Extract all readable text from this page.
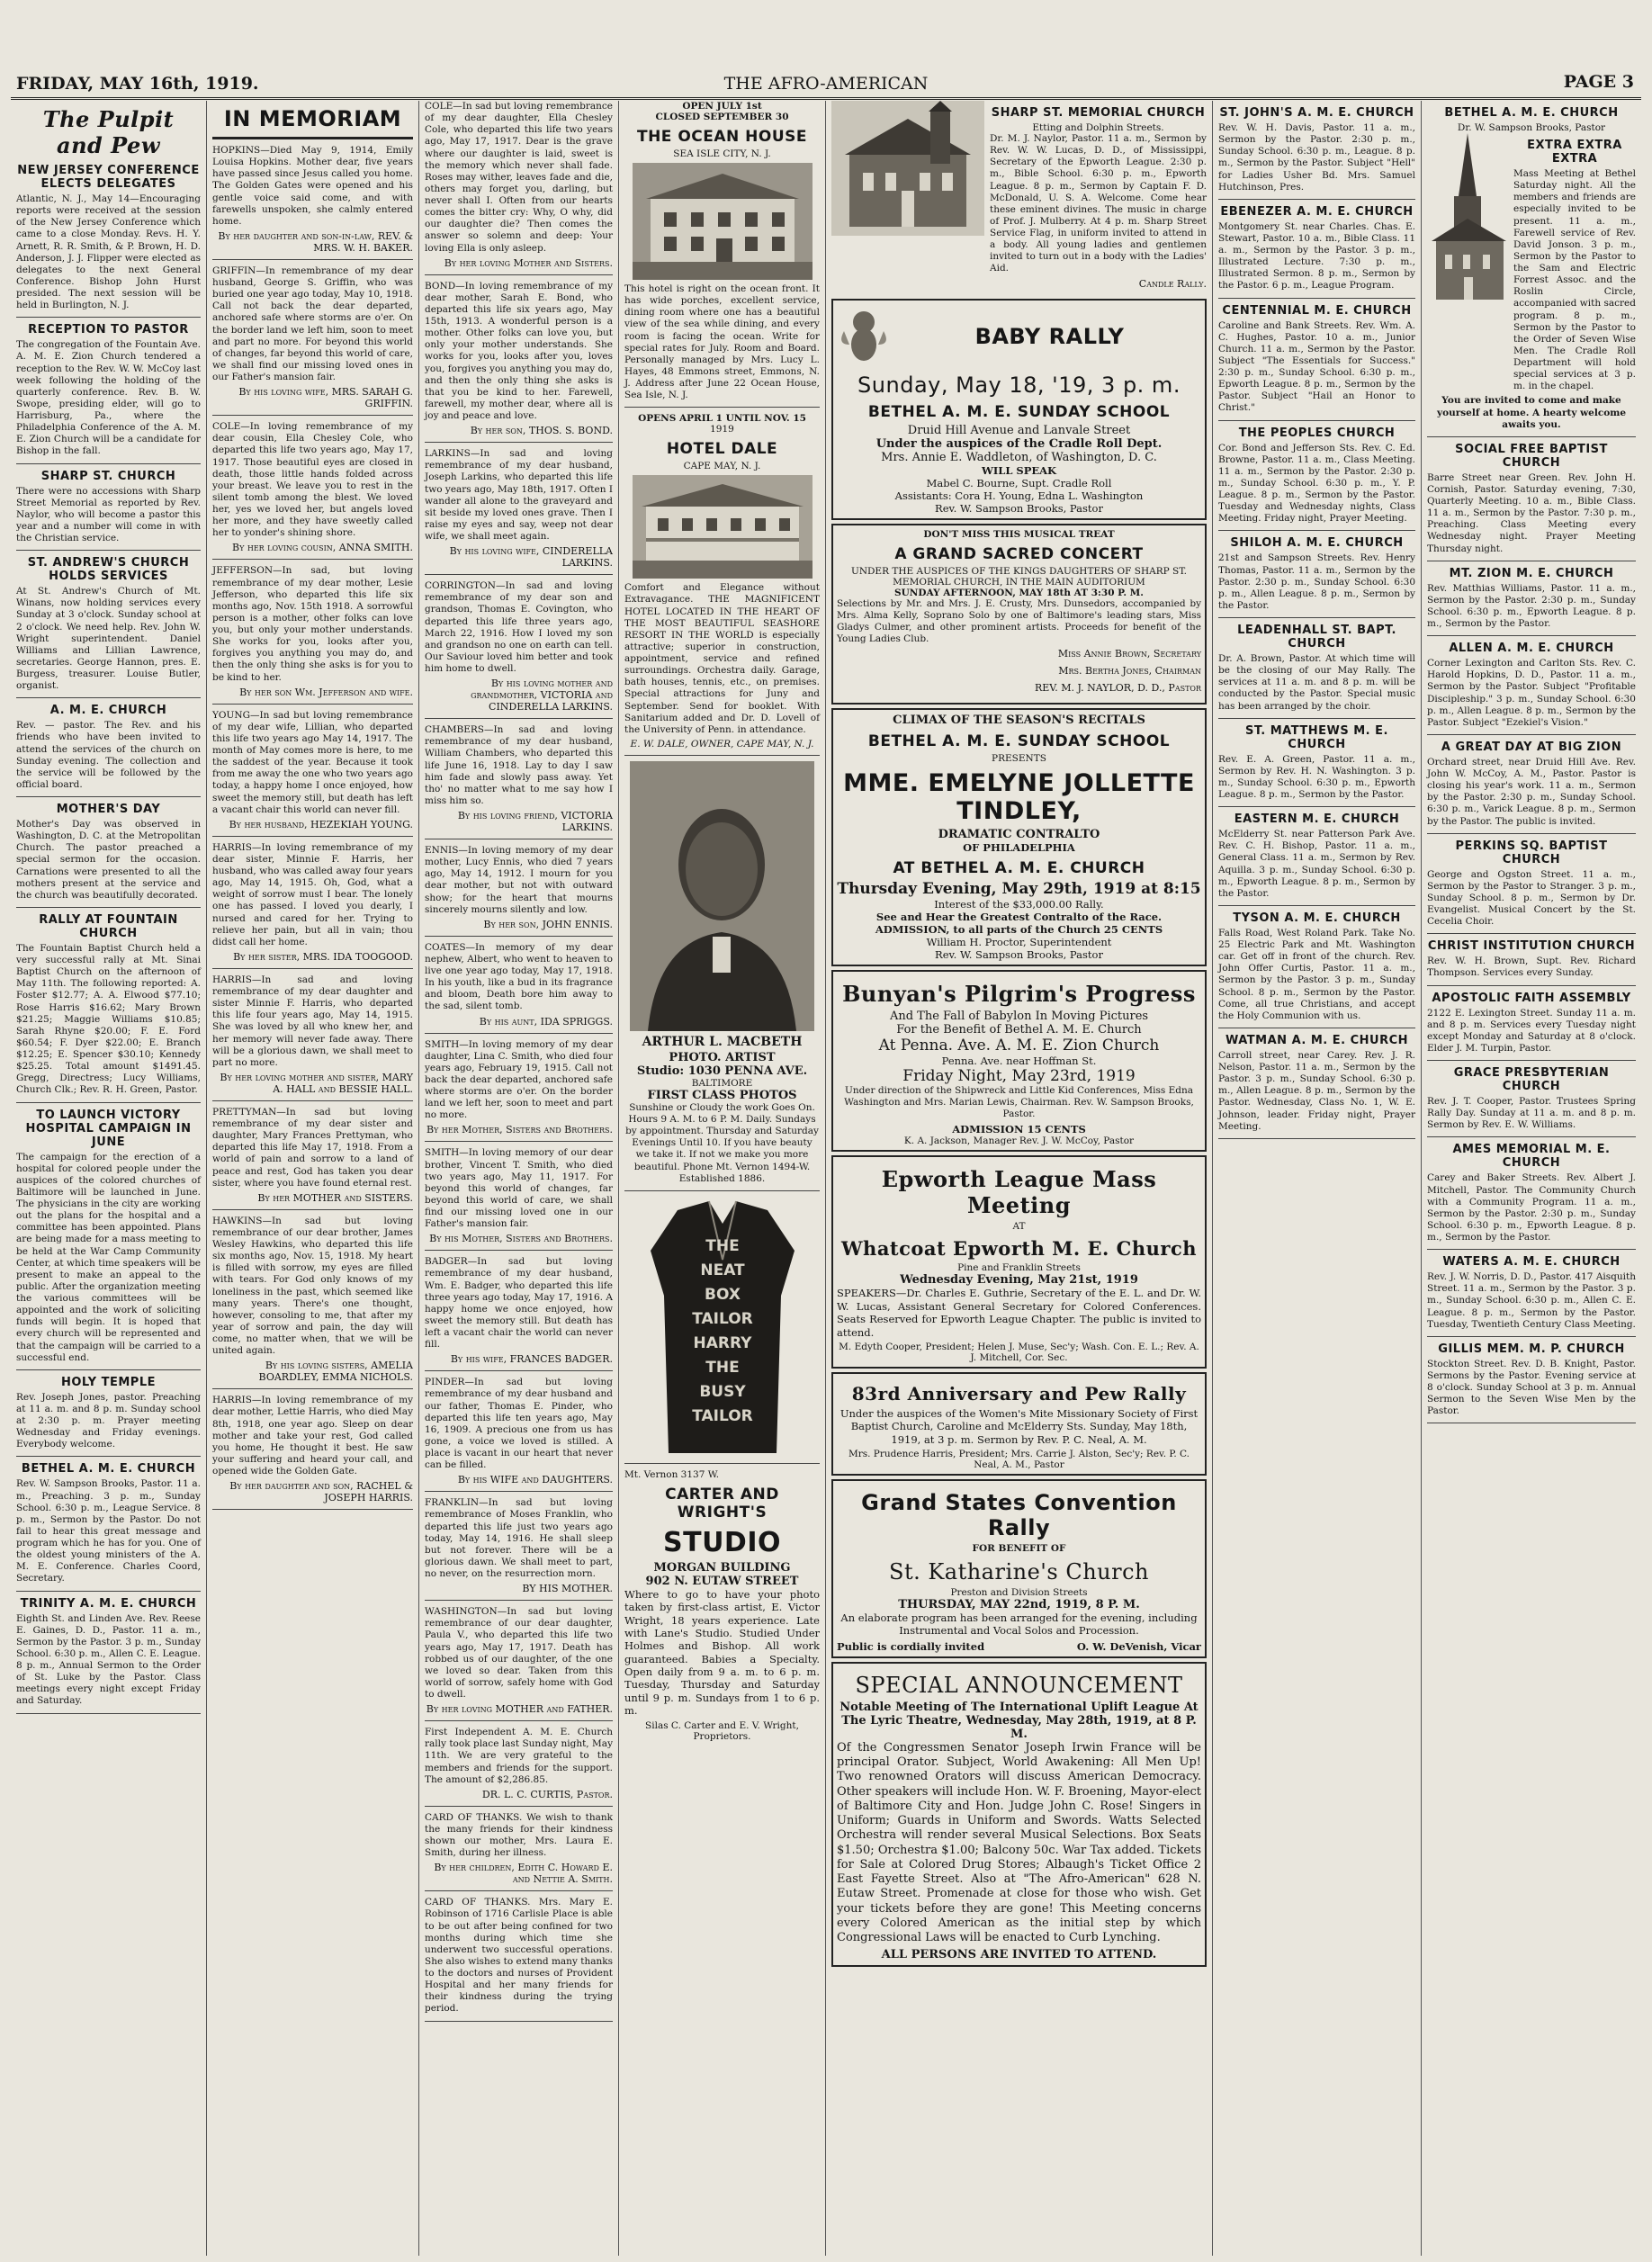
FRIDAY, MAY 16th, 1919.	THE AFRO-AMERICAN	PAGE 3
The Pulpit and Pew
NEW JERSEY CONFERENCE ELECTS DELEGATES

Atlantic, N. J., May 14—Encouraging reports were received at the session of the New Jersey Conference which came to a close Monday. Revs. H. Y. Arnett, R. R. Smith, & P. Brown, H. D. Anderson, J. J. Flipper were elected as delegates to the next General Conference. Bishop John Hurst presided. The next session will be held in Burlington, N. J.

RECEPTION TO PASTOR

The congregation of the Fountain Ave. A. M. E. Zion Church tendered a reception to the Rev. W. W. McCoy last week following the holding of the quarterly conference. Rev. B. W. Swope, presiding elder, will go to Harrisburg, Pa., where the Philadelphia Conference of the A. M. E. Zion Church will be a candidate for Bishop in the fall.

SHARP ST. CHURCH

There were no accessions with Sharp Street Memorial as reported by Rev. Naylor, who will become a pastor this year and a number will come in with the Christian service.

ST. ANDREW'S CHURCH HOLDS SERVICES

At St. Andrew's Church of Mt. Winans, now holding services every Sunday at 3 o'clock. Sunday school at 2 o'clock. We need help. Rev. John W. Wright superintendent. Daniel Williams and Lillian Lawrence, secretaries. George Hannon, pres. E. Burgess, treasurer. Louise Butler, organist.

A. M. E. CHURCH

Rev. — pastor. The Rev. and his friends who have been invited to attend the services of the church on Sunday evening. The collection and the service will be followed by the official board.

MOTHER'S DAY

Mother's Day was observed in Washington, D. C. at the Metropolitan Church. The pastor preached a special sermon for the occasion. Carnations were presented to all the mothers present at the service and the church was beautifully decorated.

RALLY AT FOUNTAIN CHURCH

The Fountain Baptist Church held a very successful rally at Mt. Sinai Baptist Church on the afternoon of May 11th. The following reported: A. Foster $12.77; A. A. Elwood $77.10; Rose Harris $16.62; Mary Brown $21.25; Maggie Williams $10.85; Sarah Rhyne $20.00; F. E. Ford $60.54; F. Dyer $22.00; E. Branch $12.25; E. Spencer $30.10; Kennedy $25.25. Total amount $1491.45. Gregg, Directress; Lucy Williams, Church Clk.; Rev. R. H. Green, Pastor.

TO LAUNCH VICTORY HOSPITAL CAMPAIGN IN JUNE

The campaign for the erection of a hospital for colored people under the auspices of the colored churches of Baltimore will be launched in June. The physicians in the city are working out the plans for the hospital and a committee has been appointed. Plans are being made for a mass meeting to be held at the War Camp Community Center, at which time speakers will be present to make an appeal to the public. After the organization meeting the various committees will be appointed and the work of soliciting funds will begin. It is hoped that every church will be represented and that the campaign will be carried to a successful end.

HOLY TEMPLE

Rev. Joseph Jones, pastor. Preaching at 11 a. m. and 8 p. m. Sunday school at 2:30 p. m. Prayer meeting Wednesday and Friday evenings. Everybody welcome.

BETHEL A. M. E. CHURCH

Rev. W. Sampson Brooks, Pastor. 11 a. m., Preaching. 3 p. m., Sunday School. 6:30 p. m., League Service. 8 p. m., Sermon by the Pastor. Do not fail to hear this great message and program which he has for you. One of the oldest young ministers of the A. M. E. Conference. Charles Coord, Secretary.

TRINITY A. M. E. CHURCH

Eighth St. and Linden Ave. Rev. Reese E. Gaines, D. D., Pastor. 11 a. m., Sermon by the Pastor. 3 p. m., Sunday School. 6:30 p. m., Allen C. E. League. 8 p. m., Annual Sermon to the Order of St. Luke by the Pastor. Class meetings every night except Friday and Saturday.

IN MEMORIAM

HOPKINS—Died May 9, 1914, Emily Louisa Hopkins. Mother dear, five years have passed since Jesus called you home. The Golden Gates were opened and his gentle voice said come, and with farewells unspoken, she calmly entered home.

By her daughter and son-in-law, REV. & MRS. W. H. BAKER.

GRIFFIN—In remembrance of my dear husband, George S. Griffin, who was buried one year ago today, May 10, 1918. Call not back the dear departed, anchored safe where storms are o'er. On the border land we left him, soon to meet and part no more. For beyond this world of changes, far beyond this world of care, we shall find our missing loved ones in our Father's mansion fair.

By his loving wife, MRS. SARAH G. GRIFFIN.

COLE—In loving remembrance of my dear cousin, Ella Chesley Cole, who departed this life two years ago, May 17, 1917. Those beautiful eyes are closed in death, those little hands folded across your breast. We leave you to rest in the silent tomb among the blest. We loved her, yes we loved her, but angels loved her more, and they have sweetly called her to yonder's shining shore.

By her loving cousin, ANNA SMITH.

JEFFERSON—In sad, but loving remembrance of my dear mother, Lesie Jefferson, who departed this life six months ago, Nov. 15th 1918. A sorrowful person is a mother, other folks can love you, but only your mother understands. She works for you, looks after you, forgives you anything you may do, and then the only thing she asks is for you to be kind to her.

By her son Wm. Jefferson and wife.

YOUNG—In sad but loving remembrance of my dear wife, Lillian, who departed this life two years ago May 14, 1917. The month of May comes more is here, to me the saddest of the year. Because it took from me away the one who two years ago today, a happy home I once enjoyed, how sweet the memory still, but death has left a vacant chair this world can never fill.

By her husband, HEZEKIAH YOUNG.

HARRIS—In loving remembrance of my dear sister, Minnie F. Harris, her husband, who was called away four years ago, May 14, 1915. Oh, God, what a weight of sorrow must I bear. The lonely one has passed. I loved you dearly, I nursed and cared for her. Trying to relieve her pain, but all in vain; thou didst call her home.

By her sister, MRS. IDA TOOGOOD.

HARRIS—In sad and loving remembrance of my dear daughter and sister Minnie F. Harris, who departed this life four years ago, May 14, 1915. She was loved by all who knew her, and her memory will never fade away. There will be a glorious dawn, we shall meet to part no more.

By her loving mother and sister, MARY A. HALL and BESSIE HALL.

PRETTYMAN—In sad but loving remembrance of my dear sister and daughter, Mary Frances Prettyman, who departed this life May 17, 1918. From a world of pain and sorrow to a land of peace and rest, God has taken you dear sister, where you have found eternal rest.

By her MOTHER and SISTERS.

HAWKINS—In sad but loving remembrance of our dear brother, James Wesley Hawkins, who departed this life six months ago, Nov. 15, 1918. My heart is filled with sorrow, my eyes are filled with tears. For God only knows of my loneliness in the past, which seemed like many years. There's one thought, however, consoling to me, that after my year of sorrow and pain, the day will come, no matter when, that we will be united again.

By his loving sisters, AMELIA BOARDLEY, EMMA NICHOLS.

HARRIS—In loving remembrance of my dear mother, Lettie Harris, who died May 8th, 1918, one year ago. Sleep on dear mother and take your rest, God called you home, He thought it best. He saw your suffering and heard your call, and opened wide the Golden Gate.

By her daughter and son, RACHEL & JOSEPH HARRIS.

COLE—In sad but loving remembrance of my dear daughter, Ella Chesley Cole, who departed this life two years ago, May 17, 1917. Dear is the grave where our daughter is laid, sweet is the memory which never shall fade. Roses may wither, leaves fade and die, others may forget you, darling, but never shall I. Often from our hearts comes the bitter cry: Why, O why, did our daughter die? Then comes the answer so solemn and deep: Your loving Ella is only asleep.

By her loving Mother and Sisters.

BOND—In loving remembrance of my dear mother, Sarah E. Bond, who departed this life six years ago, May 15th, 1913. A wonderful person is a mother. Other folks can love you, but only your mother understands. She works for you, looks after you, loves you, forgives you anything you may do, and then the only thing she asks is that you be kind to her. Farewell, farewell, my mother dear, where all is joy and peace and love.

By her son, THOS. S. BOND.

LARKINS—In sad and loving remembrance of my dear husband, Joseph Larkins, who departed this life two years ago, May 18th, 1917. Often I wander all alone to the graveyard and sit beside my loved ones grave. Then I raise my eyes and say, weep not dear wife, we shall meet again.

By his loving wife, CINDERELLA LARKINS.

CORRINGTON—In sad and loving remembrance of my dear son and grandson, Thomas E. Covington, who departed this life three years ago, March 22, 1916. How I loved my son and grandson no one on earth can tell. Our Saviour loved him better and took him home to dwell.

By his loving mother and grandmother, VICTORIA and CINDERELLA LARKINS.

CHAMBERS—In sad and loving remembrance of my dear husband, William Chambers, who departed this life June 16, 1918. Lay to day I saw him fade and slowly pass away. Yet tho' no matter what to me say how I miss him so.

By his loving friend, VICTORIA LARKINS.

ENNIS—In loving memory of my dear mother, Lucy Ennis, who died 7 years ago, May 14, 1912. I mourn for you dear mother, but not with outward show; for the heart that mourns sincerely mourns silently and low.

By her son, JOHN ENNIS.

COATES—In memory of my dear nephew, Albert, who went to heaven to live one year ago today, May 17, 1918. In his youth, like a bud in its fragrance and bloom, Death bore him away to the sad, silent tomb.

By his aunt, IDA SPRIGGS.

SMITH—In loving memory of my dear daughter, Lina C. Smith, who died four years ago, February 19, 1915. Call not back the dear departed, anchored safe where storms are o'er. On the border land we left her, soon to meet and part no more.

By her Mother, Sisters and Brothers.

SMITH—In loving memory of our dear brother, Vincent T. Smith, who died two years ago, May 11, 1917. For beyond this world of changes, far beyond this world of care, we shall find our missing loved one in our Father's mansion fair.

By his Mother, Sisters and Brothers.

BADGER—In sad but loving remembrance of my dear husband, Wm. E. Badger, who departed this life three years ago today, May 17, 1916. A happy home we once enjoyed, how sweet the memory still. But death has left a vacant chair the world can never fill.

By his wife, FRANCES BADGER.

PINDER—In sad but loving remembrance of my dear husband and our father, Thomas E. Pinder, who departed this life ten years ago, May 16, 1909. A precious one from us has gone, a voice we loved is stilled. A place is vacant in our heart that never can be filled.

By his WIFE and DAUGHTERS.

FRANKLIN—In sad but loving remembrance of Moses Franklin, who departed this life just two years ago today, May 14, 1916. He shall sleep but not forever. There will be a glorious dawn. We shall meet to part, no never, on the resurrection morn.

BY HIS MOTHER.

WASHINGTON—In sad but loving remembrance of our dear daughter, Paula V., who departed this life two years ago, May 17, 1917. Death has robbed us of our daughter, of the one we loved so dear. Taken from this world of sorrow, safely home with God to dwell.

By her loving MOTHER and FATHER.

First Independent A. M. E. Church rally took place last Sunday night, May 11th. We are very grateful to the members and friends for the support. The amount of $2,286.85.

DR. L. C. CURTIS, Pastor.

CARD OF THANKS. We wish to thank the many friends for their kindness shown our mother, Mrs. Laura E. Smith, during her illness.

By her children, Edith C. Howard E. and Nettie A. Smith.

CARD OF THANKS. Mrs. Mary E. Robinson of 1716 Carlisle Place is able to be out after being confined for two months during which time she underwent two successful operations. She also wishes to extend many thanks to the doctors and nurses of Provident Hospital and her many friends for their kindness during the trying period.

OPEN JULY 1st
CLOSED SEPTEMBER 30
THE OCEAN HOUSE
SEA ISLE CITY, N. J.

This hotel is right on the ocean front. It has wide porches, excellent service, dining room where one has a beautiful view of the sea while dining, and every room is facing the ocean. Write for special rates for July. Room and Board. Personally managed by Mrs. Lucy L. Hayes, 48 Emmons street, Emmons, N. J. Address after June 22 Ocean House, Sea Isle, N. J.

OPENS APRIL 1 UNTIL NOV. 15
1919
HOTEL DALE
CAPE MAY, N. J.

Comfort and Elegance without Extravagance. THE MAGNIFICENT HOTEL LOCATED IN THE HEART OF THE MOST BEAUTIFUL SEASHORE RESORT IN THE WORLD is especially attractive; superior in construction, appointment, service and refined surroundings. Orchestra daily. Garage, bath houses, tennis, etc., on premises. Special attractions for Juny and September. Send for booklet. With Sanitarium added and Dr. D. Lovell of the University of Penn. in attendance.

E. W. DALE, OWNER, CAPE MAY, N. J.
ARTHUR L. MACBETH
PHOTO. ARTIST
Studio: 1030 PENNA AVE.
BALTIMORE
FIRST CLASS PHOTOS

Sunshine or Cloudy the work Goes On. Hours 9 A. M. to 6 P. M. Daily. Sundays by appointment. Thursday and Saturday Evenings Until 10. If you have beauty we take it. If not we make you more beautiful. Phone Mt. Vernon 1494-W. Established 1886.

THE
NEAT
BOX
TAILOR
HARRY
THE
BUSY
TAILOR
Mt. Vernon 3137 W.
CARTER AND WRIGHT'S
STUDIO
MORGAN BUILDING
902 N. EUTAW STREET

Where to go to have your photo taken by first-class artist, E. Victor Wright, 18 years experience. Late with Lane's Studio. Studied Under Holmes and Bishop. All work guaranteed. Babies a Specialty. Open daily from 9 a. m. to 6 p. m. Tuesday, Thursday and Saturday until 9 p. m. Sundays from 1 to 6 p. m.

Silas C. Carter and E. V. Wright, Proprietors.
SHARP ST. MEMORIAL CHURCH
Etting and Dolphin Streets.

Dr. M. J. Naylor, Pastor. 11 a. m., Sermon by Rev. W. W. Lucas, D. D., of Mississippi, Secretary of the Epworth League. 2:30 p. m., Bible School. 6:30 p. m., Epworth League. 8 p. m., Sermon by Captain F. D. McDonald, U. S. A. Welcome. Come hear these eminent divines. The music in charge of Prof. J. Mulberry. At 4 p. m. Sharp Street Service Flag, in uniform invited to attend in a body. All young ladies and gentlemen invited to turn out in a body with the Ladies' Aid.

Candle Rally.
BABY RALLY
Sunday, May 18, '19, 3 p. m.
BETHEL A. M. E. SUNDAY SCHOOL
Druid Hill Avenue and Lanvale Street
Under the auspices of the Cradle Roll Dept.
Mrs. Annie E. Waddleton, of Washington, D. C.
WILL SPEAK
Mabel C. Bourne, Supt. Cradle Roll
Assistants: Cora H. Young, Edna L. Washington
Rev. W. Sampson Brooks, Pastor
DON'T MISS THIS MUSICAL TREAT
A GRAND SACRED CONCERT
UNDER THE AUSPICES OF THE KINGS DAUGHTERS OF SHARP ST. MEMORIAL CHURCH, IN THE MAIN AUDITORIUM
SUNDAY AFTERNOON, MAY 18th AT 3:30 P. M.

Selections by Mr. and Mrs. J. E. Crusty, Mrs. Dunsedors, accompanied by Mrs. Alma Kelly, Soprano Solo by one of Baltimore's leading stars, Miss Gladys Culmer, and other prominent artists. Proceeds for benefit of the Young Ladies Club.

Miss Annie Brown, Secretary
Mrs. Bertha Jones, Chairman
REV. M. J. NAYLOR, D. D., Pastor
CLIMAX OF THE SEASON'S RECITALS
BETHEL A. M. E. SUNDAY SCHOOL
PRESENTS
MME. EMELYNE JOLLETTE TINDLEY,
DRAMATIC CONTRALTO
OF PHILADELPHIA
AT BETHEL A. M. E. CHURCH
Thursday Evening, May 29th, 1919 at 8:15
Interest of the $33,000.00 Rally.
See and Hear the Greatest Contralto of the Race.
ADMISSION, to all parts of the Church 25 CENTS
William H. Proctor, Superintendent
Rev. W. Sampson Brooks, Pastor
Bunyan's Pilgrim's Progress
And The Fall of Babylon In Moving Pictures
For the Benefit of Bethel A. M. E. Church
At Penna. Ave. A. M. E. Zion Church
Penna. Ave. near Hoffman St.
Friday Night, May 23rd, 1919

Under direction of the Shipwreck and Little Kid Conferences, Miss Edna Washington and Mrs. Marian Lewis, Chairman. Rev. W. Sampson Brooks, Pastor.

ADMISSION 15 CENTS
K. A. Jackson, Manager Rev. J. W. McCoy, Pastor
Epworth League Mass Meeting
AT
Whatcoat Epworth M. E. Church
Pine and Franklin Streets
Wednesday Evening, May 21st, 1919

SPEAKERS—Dr. Charles E. Guthrie, Secretary of the E. L. and Dr. W. W. Lucas, Assistant General Secretary for Colored Conferences. Seats Reserved for Epworth League Chapter. The public is invited to attend.

M. Edyth Cooper, President; Helen J. Muse, Sec'y; Wash. Con. E. L.; Rev. A. J. Mitchell, Cor. Sec.
83rd Anniversary and Pew Rally

Under the auspices of the Women's Mite Missionary Society of First Baptist Church, Caroline and McElderry Sts. Sunday, May 18th, 1919, at 3 p. m. Sermon by Rev. P. C. Neal, A. M.

Mrs. Prudence Harris, President; Mrs. Carrie J. Alston, Sec'y; Rev. P. C. Neal, A. M., Pastor
Grand States Convention Rally
FOR BENEFIT OF
St. Katharine's Church
Preston and Division Streets
THURSDAY, MAY 22nd, 1919, 8 P. M.

An elaborate program has been arranged for the evening, including Instrumental and Vocal Solos and Procession.

Public is cordially invited	O. W. DeVenish, Vicar
SPECIAL ANNOUNCEMENT
Notable Meeting of The International Uplift League At The Lyric Theatre, Wednesday, May 28th, 1919, at 8 P. M.

Of the Congressmen Senator Joseph Irwin France will be principal Orator. Subject, World Awakening: All Men Up! Two renowned Orators will discuss American Democracy. Other speakers will include Hon. W. F. Broening, Mayor-elect of Baltimore City and Hon. Judge John C. Rose! Singers in Uniform; Guards in Uniform and Swords. Watts Selected Orchestra will render several Musical Selections. Box Seats $1.50; Orchestra $1.00; Balcony 50c. War Tax added. Tickets for Sale at Colored Drug Stores; Albaugh's Ticket Office 2 East Fayette Street. Also at "The Afro-American" 628 N. Eutaw Street. Promenade at close for those who wish. Get your tickets before they are gone! This Meeting concerns every Colored American as the initial step by which Congressional Laws will be enacted to Curb Lynching.

ALL PERSONS ARE INVITED TO ATTEND.
ST. JOHN'S A. M. E. CHURCH

Rev. W. H. Davis, Pastor. 11 a. m., Sermon by the Pastor. 2:30 p. m., Sunday School. 6:30 p. m., League. 8 p. m., Sermon by the Pastor. Subject "Hell" for Ladies Usher Bd. Mrs. Samuel Hutchinson, Pres.

EBENEZER A. M. E. CHURCH

Montgomery St. near Charles. Chas. E. Stewart, Pastor. 10 a. m., Bible Class. 11 a. m., Sermon by the Pastor. 3 p. m., Illustrated Lecture. 7:30 p. m., Illustrated Sermon. 8 p. m., Sermon by the Pastor. 6 p. m., League Program.

CENTENNIAL M. E. CHURCH

Caroline and Bank Streets. Rev. Wm. A. C. Hughes, Pastor. 10 a. m., Junior Church. 11 a. m., Sermon by the Pastor. Subject "The Essentials for Success." 2:30 p. m., Sunday School. 6:30 p. m., Epworth League. 8 p. m., Sermon by the Pastor. Subject "Hail an Honor to Christ."

THE PEOPLES CHURCH

Cor. Bond and Jefferson Sts. Rev. C. Ed. Browne, Pastor. 11 a. m., Class Meeting. 11 a. m., Sermon by the Pastor. 2:30 p. m., Sunday School. 6:30 p. m., Y. P. League. 8 p. m., Sermon by the Pastor. Tuesday and Wednesday nights, Class Meeting. Friday night, Prayer Meeting.

SHILOH A. M. E. CHURCH

21st and Sampson Streets. Rev. Henry Thomas, Pastor. 11 a. m., Sermon by the Pastor. 2:30 p. m., Sunday School. 6:30 p. m., Allen League. 8 p. m., Sermon by the Pastor.

LEADENHALL ST. BAPT. CHURCH

Dr. A. Brown, Pastor. At which time will be the closing of our May Rally. The services at 11 a. m. and 8 p. m. will be conducted by the Pastor. Special music has been arranged by the choir.

ST. MATTHEWS M. E. CHURCH

Rev. E. A. Green, Pastor. 11 a. m., Sermon by Rev. H. N. Washington. 3 p. m., Sunday School. 6:30 p. m., Epworth League. 8 p. m., Sermon by the Pastor.

EASTERN M. E. CHURCH

McElderry St. near Patterson Park Ave. Rev. C. H. Bishop, Pastor. 11 a. m., General Class. 11 a. m., Sermon by Rev. Aquilla. 3 p. m., Sunday School. 6:30 p. m., Epworth League. 8 p. m., Sermon by the Pastor.

TYSON A. M. E. CHURCH

Falls Road, West Roland Park. Take No. 25 Electric Park and Mt. Washington car. Get off in front of the church. Rev. John Offer Curtis, Pastor. 11 a. m., Sermon by the Pastor. 3 p. m., Sunday School. 8 p. m., Sermon by the Pastor. Come, all true Christians, and accept the Holy Communion with us.

WATMAN A. M. E. CHURCH

Carroll street, near Carey. Rev. J. R. Nelson, Pastor. 11 a. m., Sermon by the Pastor. 3 p. m., Sunday School. 6:30 p. m., Allen League. 8 p. m., Sermon by the Pastor. Wednesday, Class No. 1, W. E. Johnson, leader. Friday night, Prayer Meeting.

BETHEL A. M. E. CHURCH
Dr. W. Sampson Brooks, Pastor
EXTRA EXTRA EXTRA

Mass Meeting at Bethel Saturday night. All the members and friends are especially invited to be present. 11 a. m., Farewell service of Rev. David Jonson. 3 p. m., Sermon by the Pastor to the Sam and Electric Forrest Assoc. and the Roslin Circle, accompanied with sacred program. 8 p. m., Sermon by the Pastor to the Order of Seven Wise Men. The Cradle Roll Department will hold special services at 3 p. m. in the chapel.

You are invited to come and make yourself at home. A hearty welcome awaits you.

SOCIAL FREE BAPTIST CHURCH

Barre Street near Green. Rev. John H. Cornish, Pastor. Saturday evening, 7:30, Quarterly Meeting. 10 a. m., Bible Class. 11 a. m., Sermon by the Pastor. 7:30 p. m., Preaching. Class Meeting every Wednesday night. Prayer Meeting Thursday night.

MT. ZION M. E. CHURCH

Rev. Matthias Williams, Pastor. 11 a. m., Sermon by the Pastor. 2:30 p. m., Sunday School. 6:30 p. m., Epworth League. 8 p. m., Sermon by the Pastor.

ALLEN A. M. E. CHURCH

Corner Lexington and Carlton Sts. Rev. C. Harold Hopkins, D. D., Pastor. 11 a. m., Sermon by the Pastor. Subject "Profitable Discipleship." 3 p. m., Sunday School. 6:30 p. m., Allen League. 8 p. m., Sermon by the Pastor. Subject "Ezekiel's Vision."

A GREAT DAY AT BIG ZION

Orchard street, near Druid Hill Ave. Rev. John W. McCoy, A. M., Pastor. Pastor is closing his year's work. 11 a. m., Sermon by the Pastor. 2:30 p. m., Sunday School. 6:30 p. m., Varick League. 8 p. m., Sermon by the Pastor. The public is invited.

PERKINS SQ. BAPTIST CHURCH

George and Ogston Street. 11 a. m., Sermon by the Pastor to Stranger. 3 p. m., Sunday School. 8 p. m., Sermon by Dr. Evangelist. Musical Concert by the St. Cecelia Choir.

CHRIST INSTITUTION CHURCH

Rev. W. H. Brown, Supt. Rev. Richard Thompson. Services every Sunday.

APOSTOLIC FAITH ASSEMBLY

2122 E. Lexington Street. Sunday 11 a. m. and 8 p. m. Services every Tuesday night except Monday and Saturday at 8 o'clock. Elder J. M. Turpin, Pastor.

GRACE PRESBYTERIAN CHURCH

Rev. J. T. Cooper, Pastor. Trustees Spring Rally Day. Sunday at 11 a. m. and 8 p. m. Sermon by Rev. E. W. Williams.

AMES MEMORIAL M. E. CHURCH

Carey and Baker Streets. Rev. Albert J. Mitchell, Pastor. The Community Church with a Community Program. 11 a. m., Sermon by the Pastor. 2:30 p. m., Sunday School. 6:30 p. m., Epworth League. 8 p. m., Sermon by the Pastor.

WATERS A. M. E. CHURCH

Rev. J. W. Norris, D. D., Pastor. 417 Aisquith Street. 11 a. m., Sermon by the Pastor. 3 p. m., Sunday School. 6:30 p. m., Allen C. E. League. 8 p. m., Sermon by the Pastor. Tuesday, Twentieth Century Class Meeting.

GILLIS MEM. M. P. CHURCH

Stockton Street. Rev. D. B. Knight, Pastor. Sermons by the Pastor. Evening service at 8 o'clock. Sunday School at 3 p. m. Annual Sermon to the Seven Wise Men by the Pastor.
